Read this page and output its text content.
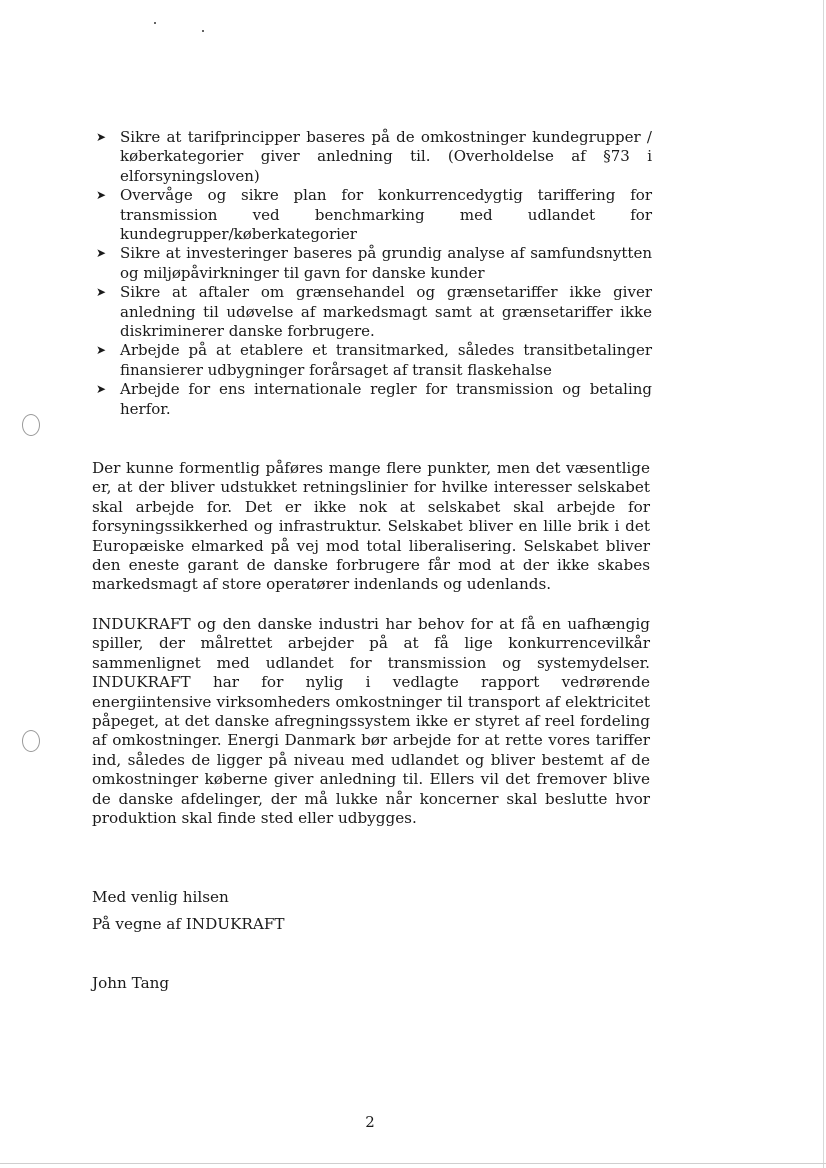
➤ Sikre at tarifprincipper baseres på de omkostninger kundegrupper / køberkategorier giver anledning til. (Overholdelse af §73 i elforsyningsloven)
➤ Overvåge og sikre plan for konkurrencedygtig tariffering for transmission ved benchmarking med udlandet for kundegrupper/køberkategorier
➤ Sikre at investeringer baseres på grundig analyse af samfundsnytten og miljøpåvirkninger til gavn for danske kunder
➤ Sikre at aftaler om grænsehandel og grænsetariffer ikke giver anledning til udøvelse af markedsmagt samt at grænsetariffer ikke diskriminerer danske forbrugere.
➤ Arbejde på at etablere et transitmarked, således transitbetalinger finansierer udbygninger forårsaget af transit flaskehalse
➤ Arbejde for ens internationale regler for transmission og betaling herfor.

Der kunne formentlig påføres mange flere punkter, men det væsentlige er, at der bliver udstukket retningslinier for hvilke interesser selskabet skal arbejde for. Det er ikke nok at selskabet skal arbejde for forsyningssikkerhed og infrastruktur. Selskabet bliver en lille brik i det Europæiske elmarked på vej mod total liberalisering. Selskabet bliver den eneste garant de danske forbrugere får mod at der ikke skabes markedsmagt af store operatører indenlands og udenlands.

INDUKRAFT og den danske industri har behov for at få en uafhængig spiller, der målrettet arbejder på at få lige konkurrencevilkår sammenlignet med udlandet for transmission og systemydelser. INDUKRAFT har for nylig i vedlagte rapport vedrørende energiintensive virksomheders omkostninger til transport af elektricitet påpeget, at det danske afregningssystem ikke er styret af reel fordeling af omkostninger. Energi Danmark bør arbejde for at rette vores tariffer ind, således de ligger på niveau med udlandet og bliver bestemt af de omkostninger køberne giver anledning til. Ellers vil det fremover blive de danske afdelinger, der må lukke når koncerner skal beslutte hvor produktion skal finde sted eller udbygges.

Med venlig hilsen

På vegne af INDUKRAFT

John Tang

2
